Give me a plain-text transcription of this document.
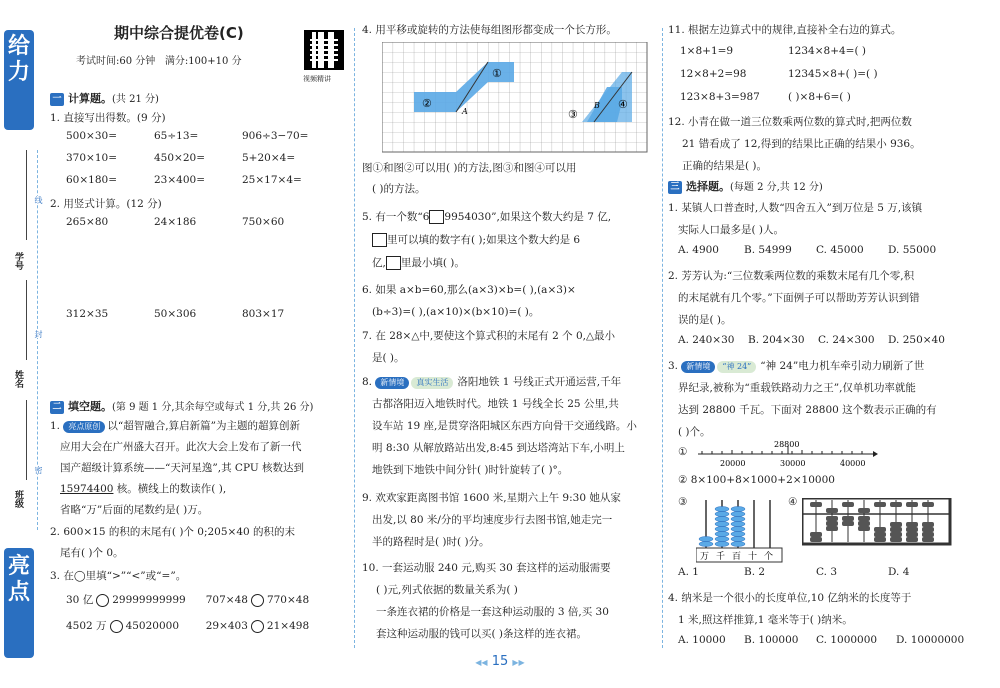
给
力
亮
点
学号
姓名
班级
线
封
密
期中综合提优卷(C)
考试时间:60 分钟 满分:100+10 分
视频精讲
一 计算题。(共 21 分)
1. 直接写出得数。(9 分)
500×30=	65÷13=	906÷3−70=
370×10=	450×20=	5+20×4=
60×180=	23×400=	25×17×4=
2. 用竖式计算。(12 分)
265×80	24×186	750×60
312×35	50×306	803×17
二 填空题。(第 9 题 1 分,其余每空或每式 1 分,共 26 分)
1. 亮点原创 以“超智融合,算启新篇”为主题的超算创新
应用大会在广州盛大召开。此次大会上发布了新一代
国产超级计算系统——“天河星逸”,其 CPU 核数达到
15974400 核。横线上的数读作( ),
省略“万”后面的尾数约是( )万。
2. 600×15 的积的末尾有( )个 0;205×40 的积的末
尾有( )个 0。
3. 在◯里填“>”“<”或“=”。
30 亿 29999999999 707×48 770×48
4502 万 45020000	29×403 21×498
4. 用平移或旋转的方法使每组图形都变成一个长方形。
①
②
A	③
B ④
图①和图②可以用( )的方法,图③和图④可以用
( )的方法。
5. 有一个数“6 9954030”,如果这个数大约是 7 亿,
里可以填的数字有( );如果这个数大约是 6
亿, 里最小填( )。
6. 如果 a×b=60,那么(a×3)×b=( ),(a×3)×
(b÷3)=( ),(a×10)×(b×10)=( )。
7. 在 28×△中,要使这个算式积的末尾有 2 个 0,△最小
是( )。
8. 新情境 真实生活 洛阳地铁 1 号线正式开通运营,千年
古都洛阳迈入地铁时代。地铁 1 号线全长 25 公里,共
设车站 19 座,是贯穿洛阳城区东西方向骨干交通线路。小
明 8:30 从解放路站出发,8:45 到达塔湾站下车,小明上
地铁到下地铁中间分针( )时针旋转了( )°。
9. 欢欢家距离图书馆 1600 米,星期六上午 9:30 她从家
出发,以 80 米/分的平均速度步行去图书馆,她走完一
半的路程时是( )时( )分。
10. 一套运动服 240 元,购买 30 套这样的运动服需要
( )元,列式依据的数量关系为( )
一条连衣裙的价格是一套这种运动服的 3 倍,买 30
套这种运动服的钱可以买( )条这样的连衣裙。
11. 根据左边算式中的规律,直接补全右边的算式。
1×8+1=9	1234×8+4=( )
12×8+2=98	12345×8+( )=( )
123×8+3=987	( )×8+6=( )
12. 小青在做一道三位数乘两位数的算式时,把两位数
21 错看成了 12,得到的结果比正确的结果小 936。
正确的结果是( )。
三 选择题。(每题 2 分,共 12 分)
1. 某镇人口普查时,人数“四舍五入”到万位是 5 万,该镇
实际人口最多是( )人。
A. 4900 B. 54999 C. 45000 D. 55000
2. 芳芳认为:“三位数乘两位数的乘数末尾有几个零,积
的末尾就有几个零。”下面例子可以帮助芳芳认识到错
误的是( )。
A. 240×30 B. 204×30 C. 24×300 D. 250×40
3. 新情境 “神 24” “神 24”电力机车牵引动力刷新了世
界纪录,被称为“重载铁路动力之王”,仅单机功率就能
达到 28800 千瓦。下面对 28800 这个数表示正确的有
( )个。
①
28800
20000	30000	40000
② 8×100+8×1000+2×10000
③
万 千 百 十 个
④
A. 1	B. 2	C. 3	D. 4
4. 纳米是一个很小的长度单位,10 亿纳米的长度等于
1 米,照这样推算,1 毫米等于( )纳米。
A. 10000 B. 100000 C. 1000000 D. 10000000
◀◀ 15 ▶▶
